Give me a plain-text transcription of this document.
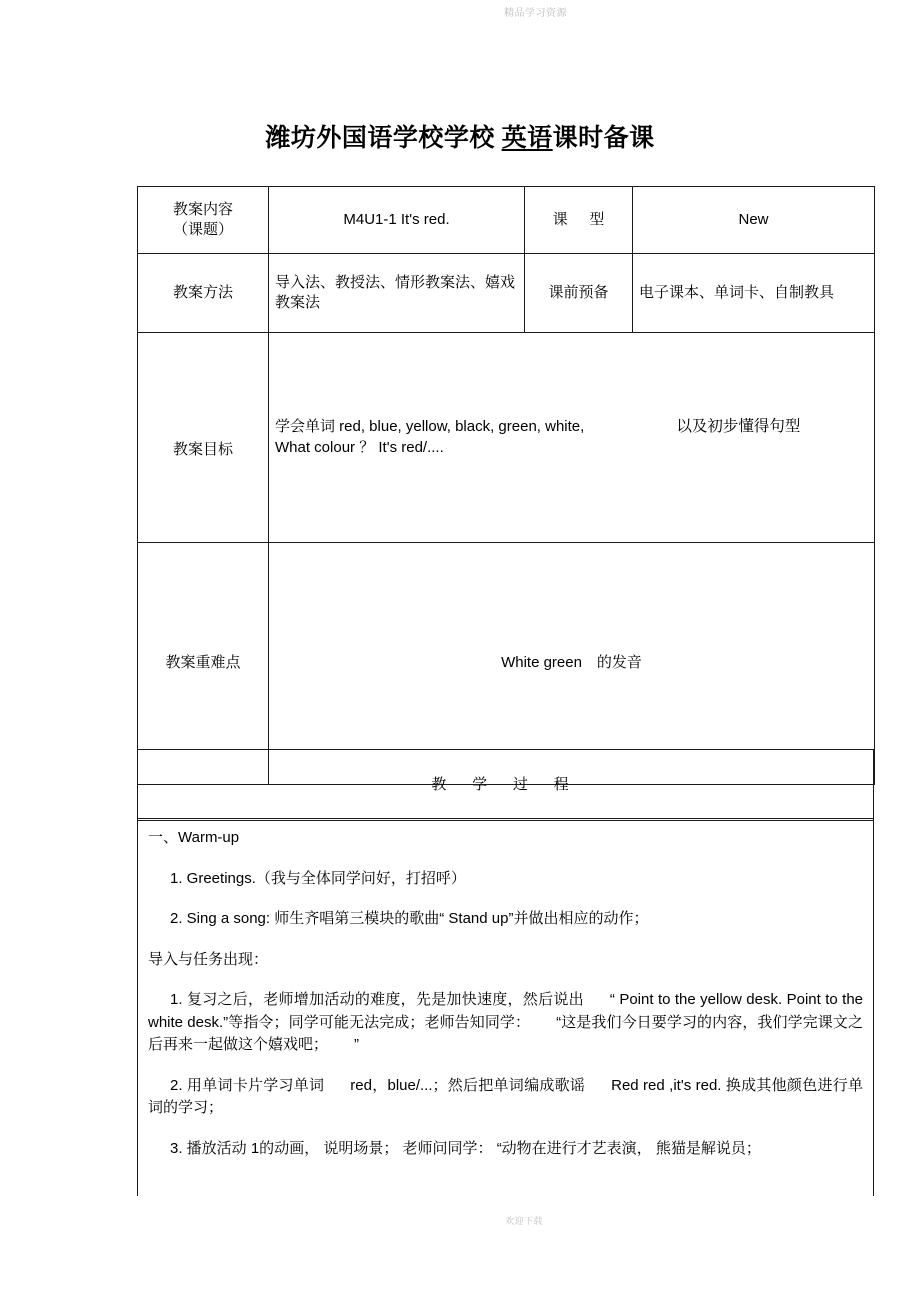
精品学习资源
潍坊外国语学校学校 英语课时备课
教案内容
（课题）	M4U1-1 It's red.	课 型	New
教案方法	导入法、教授法、情形教案法、嬉戏教案法	课前预备	电子课本、单词卡、自制教具
教案目标	学会单词 red, blue, yellow, black, green, white, 以及初步懂得句型
What colour ？ It's red/....		

教案重难点	White green　的发音		
教 学 过 程

一、Warm-up

1. Greetings.（我与全体同学问好，打招呼）

2. Sing a song: 师生齐唱第三模块的歌曲“ Stand up”并做出相应的动作；

导入与任务出现：

1. 复习之后，老师增加活动的难度，先是加快速度，然后说出 “ Point to the yellow desk. Point to the white desk.”等指令；同学可能无法完成；老师告知同学： “这是我们今日要学习的内容，我们学完课文之后再来一起做这个嬉戏吧； ”

2. 用单词卡片学习单词 red，blue/...；然后把单词编成歌谣 Red red ,it's red. 换成其他颜色进行单词的学习；

3. 播放活动 1的动画， 说明场景； 老师问同学： “动物在进行才艺表演， 熊猫是解说员；

欢迎下载
